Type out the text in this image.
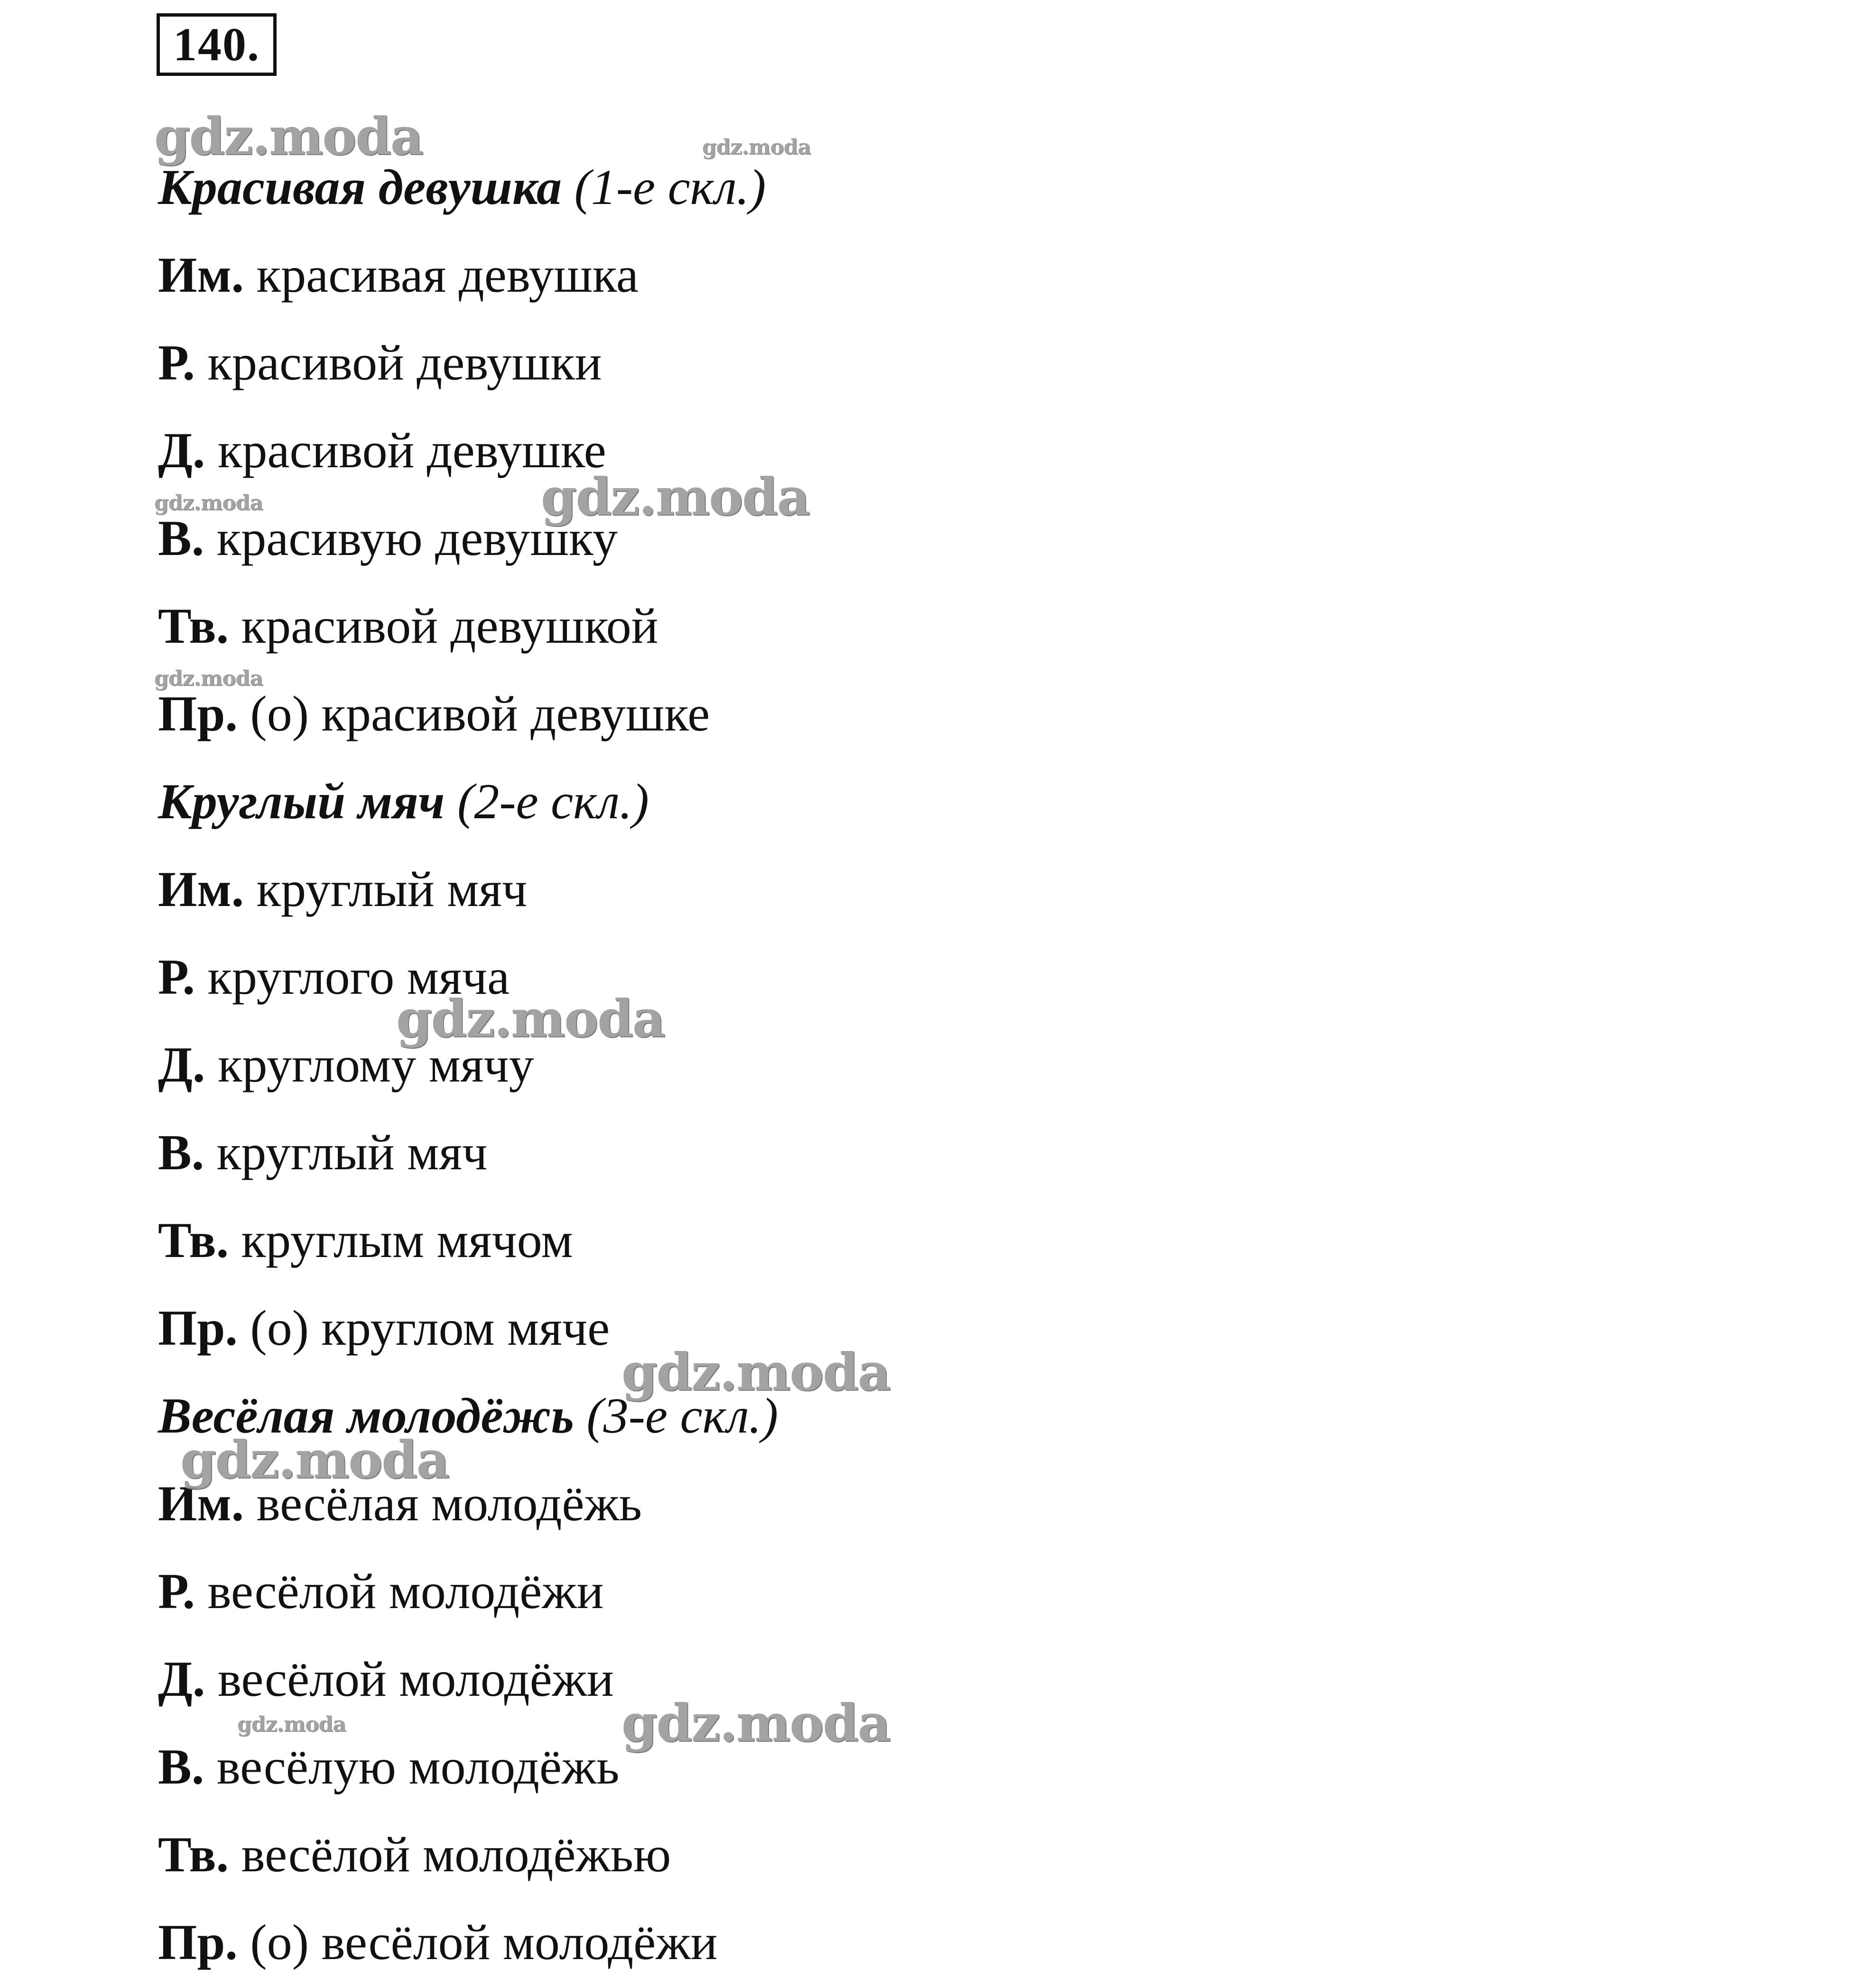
140.
Красивая девушка (1-е скл.)
Им. красивая девушка
Р. красивой девушки
Д. красивой девушке
В. красивую девушку
Тв. красивой девушкой
Пр. (о) красивой девушке
Круглый мяч (2-е скл.)
Им. круглый мяч
Р. круглого мяча
Д. круглому мячу
В. круглый мяч
Тв. круглым мячом
Пр. (о) круглом мяче
Весёлая молодёжь (3-е скл.)
Им. весёлая молодёжь
Р. весёлой молодёжи
Д. весёлой молодёжи
В. весёлую молодёжь
Тв. весёлой молодёжью
Пр. (о) весёлой молодёжи
gdz.moda	gdz.moda
gdz.moda	gdz.moda
gdz.moda
gdz.moda
gdz.moda
gdz.moda
gdz.moda
gdz.moda
